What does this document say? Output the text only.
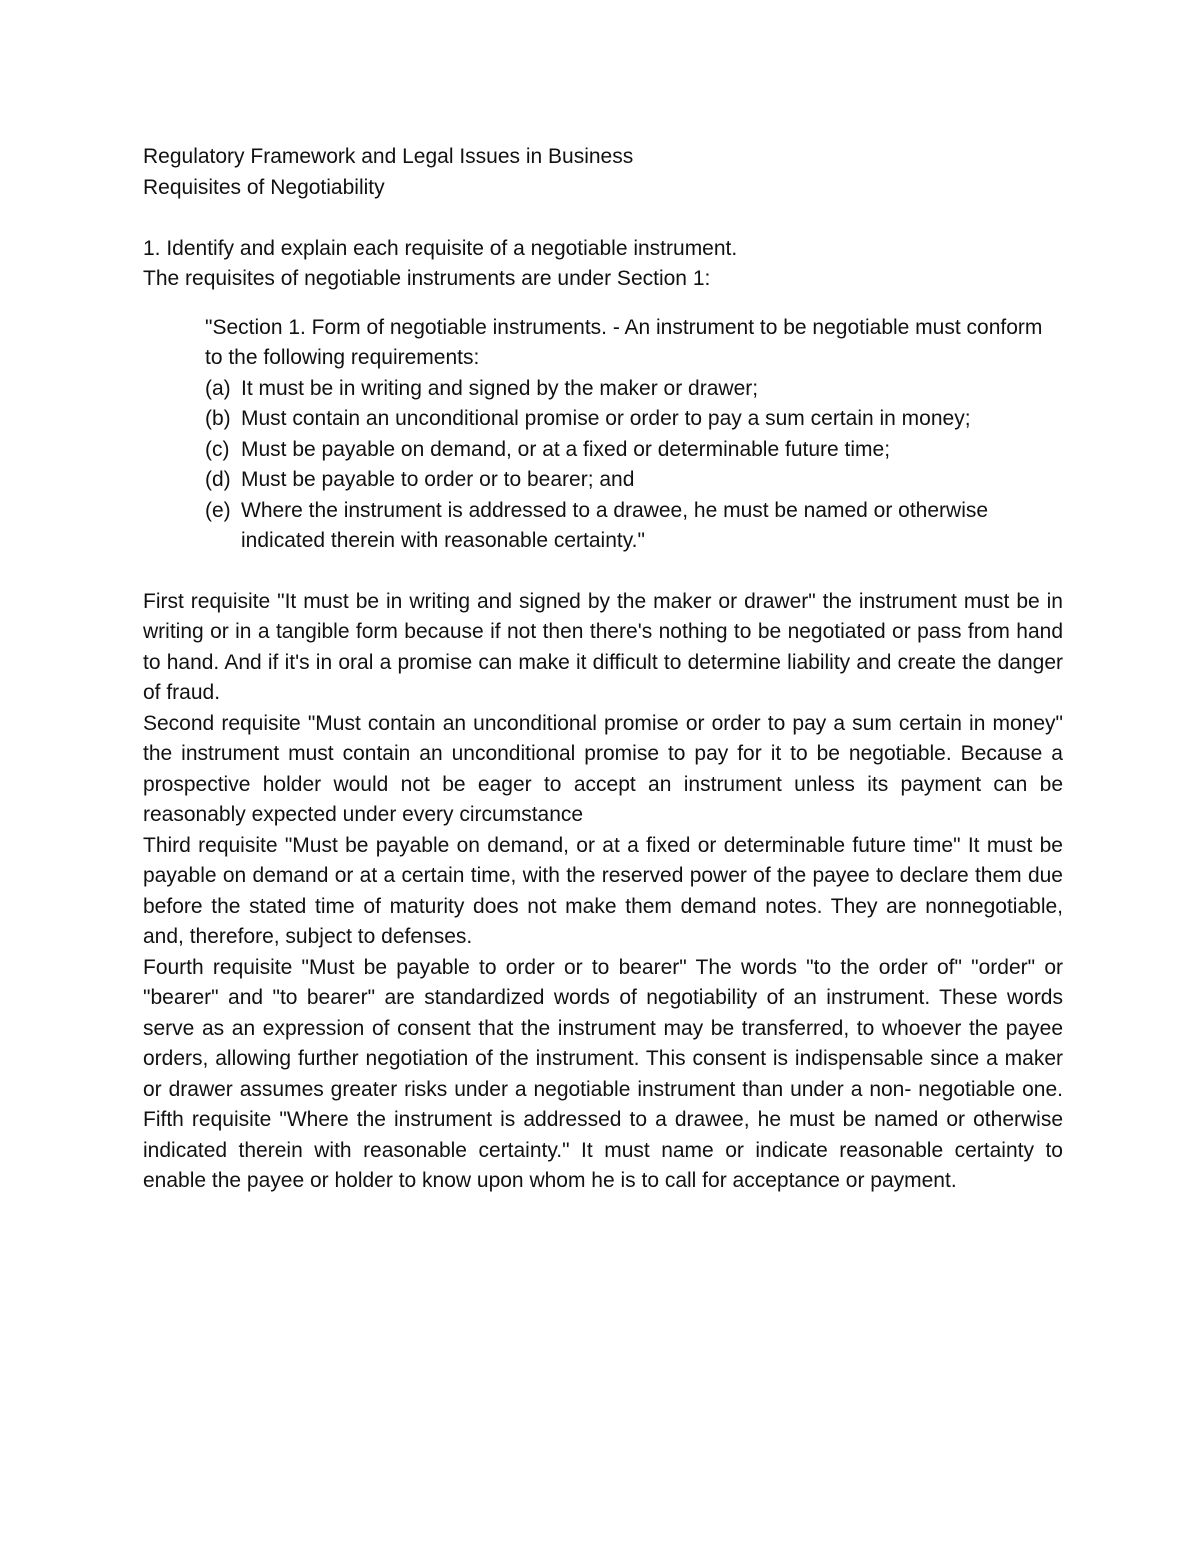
Regulatory Framework and Legal Issues in Business

Requisites of Negotiability

1. Identify and explain each requisite of a negotiable instrument.

The requisites of negotiable instruments are under Section 1:

"Section 1. Form of negotiable instruments. - An instrument to be negotiable must conform to the following requirements:

(a) It must be in writing and signed by the maker or drawer;
(b) Must contain an unconditional promise or order to pay a sum certain in money;
(c) Must be payable on demand, or at a fixed or determinable future time;
(d) Must be payable to order or to bearer; and
(e) Where the instrument is addressed to a drawee, he must be named or otherwise indicated therein with reasonable certainty."

First requisite "It must be in writing and signed by the maker or drawer" the instrument must be in writing or in a tangible form because if not then there's nothing to be negotiated or pass from hand to hand. And if it's in oral a promise can make it difficult to determine liability and create the danger of fraud.

Second requisite "Must contain an unconditional promise or order to pay a sum certain in money" the instrument must contain an unconditional promise to pay for it to be negotiable. Because a prospective holder would not be eager to accept an instrument unless its payment can be reasonably expected under every circumstance

Third requisite "Must be payable on demand, or at a fixed or determinable future time" It must be payable on demand or at a certain time, with the reserved power of the payee to declare them due before the stated time of maturity does not make them demand notes. They are nonnegotiable, and, therefore, subject to defenses.

Fourth requisite "Must be payable to order or to bearer" The words "to the order of" "order" or "bearer" and "to bearer" are standardized words of negotiability of an instrument. These words serve as an expression of consent that the instrument may be transferred, to whoever the payee orders, allowing further negotiation of the instrument. This consent is indispensable since a maker or drawer assumes greater risks under a negotiable instrument than under a non- negotiable one. Fifth requisite "Where the instrument is addressed to a drawee, he must be named or otherwise indicated therein with reasonable certainty." It must name or indicate reasonable certainty to enable the payee or holder to know upon whom he is to call for acceptance or payment.
